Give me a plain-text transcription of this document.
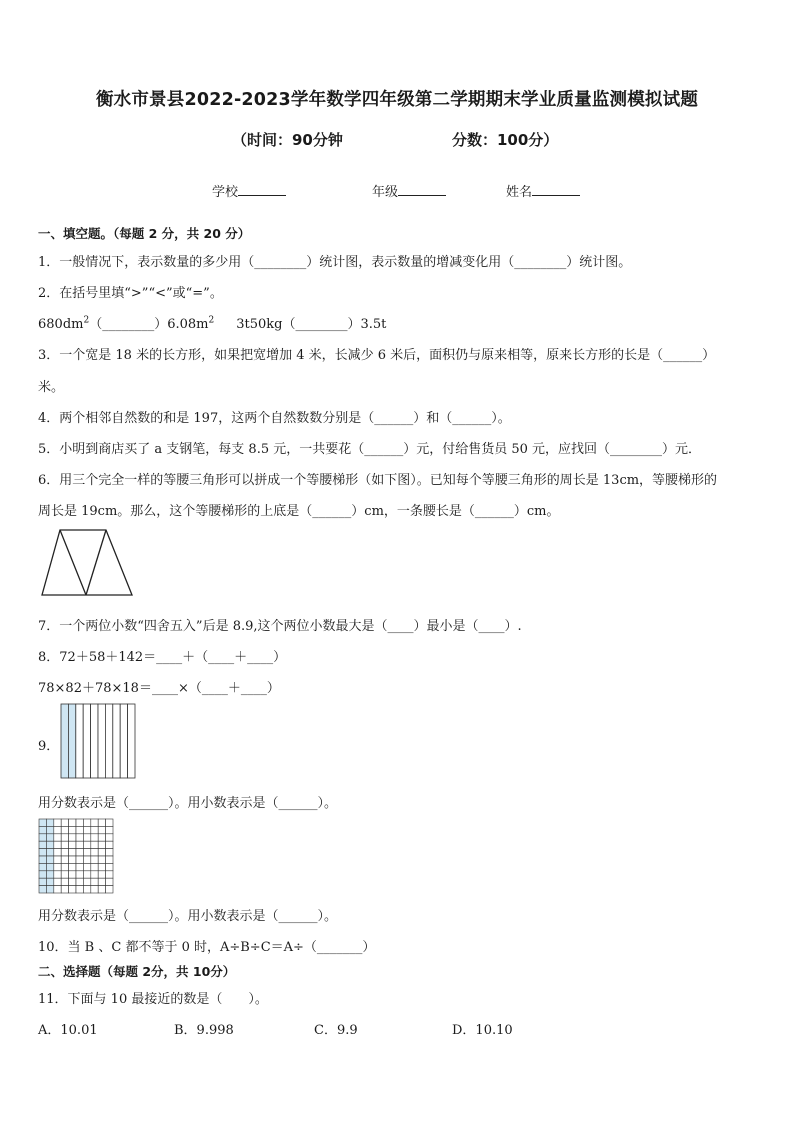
衡水市景县2022-2023学年数学四年级第二学期期末学业质量监测模拟试题
（时间：90分钟	分数：100分）
学校	年级	姓名
一、填空题。（每题 2 分，共 20 分）
1．一般情况下，表示数量的多少用（________）统计图，表示数量的增减变化用（________）统计图。
2．在括号里填“>”“<”或“=”。
$680dm^2(\_\_\_\_\_\_\_\_)6.08m^2$ 3t50kg（________）3.5t
3．一个宽是 18 米的长方形，如果把宽增加 4 米，长减少 6 米后，面积仍与原来相等，原来长方形的长是（______）
米。
4．两个相邻自然数的和是 197，这两个自然数数分别是（______）和（______）。
5．小明到商店买了 a 支钢笔，每支 8.5 元，一共要花（______）元，付给售货员 50 元，应找回（________）元．
6．用三个完全一样的等腰三角形可以拼成一个等腰梯形（如下图）。已知每个等腰三角形的周长是 13cm，等腰梯形的
周长是 19cm。那么，这个等腰梯形的上底是（______）cm，一条腰长是（______）cm。
7．一个两位小数“四舍五入”后是 8.9,这个两位小数最大是（____）最小是（____）.
8．72＋58＋142＝____＋（____＋____）
78×82＋78×18＝____×（____＋____）
9．
用分数表示是（______）。用小数表示是（______）。
用分数表示是（______）。用小数表示是（______）。
10．当 B 、C 都不等于 0 时，A÷B÷C＝A÷（_______）
二、选择题（每题 2分，共 10分）
11．下面与 10 最接近的数是（　　）。
A．10.01	B．9.998	C．9.9	D．10.10
